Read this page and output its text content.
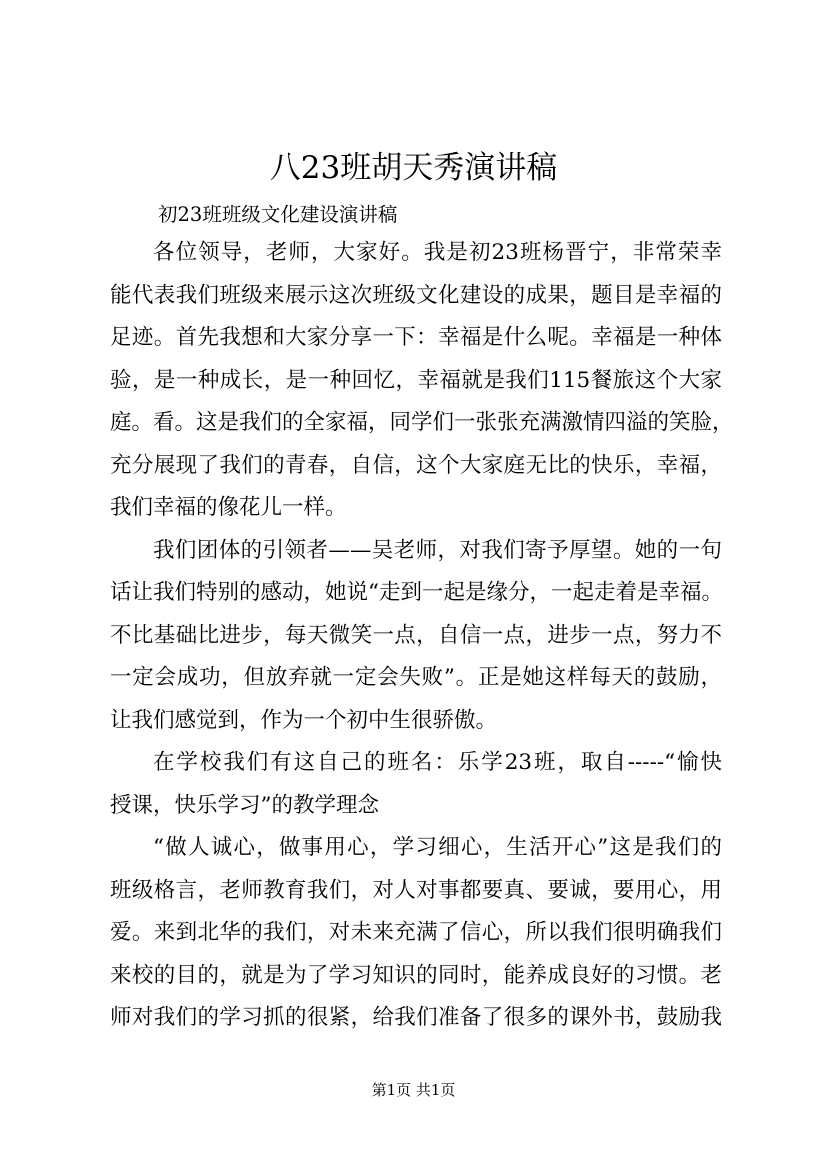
八23班胡天秀演讲稿

初23班班级文化建设演讲稿

各位领导，老师，大家好。我是初23班杨晋宁，非常荣幸
能代表我们班级来展示这次班级文化建设的成果，题目是幸福的
足迹。首先我想和大家分享一下：幸福是什么呢。幸福是一种体
验，是一种成长，是一种回忆，幸福就是我们115餐旅这个大家
庭。看。这是我们的全家福，同学们一张张充满激情四溢的笑脸，
充分展现了我们的青春，自信，这个大家庭无比的快乐，幸福，
我们幸福的像花儿一样。
我们团体的引领者——吴老师，对我们寄予厚望。她的一句
话让我们特别的感动，她说“走到一起是缘分，一起走着是幸福。
不比基础比进步，每天微笑一点，自信一点，进步一点，努力不
一定会成功，但放弃就一定会失败”。正是她这样每天的鼓励，
让我们感觉到，作为一个初中生很骄傲。
在学校我们有这自己的班名：乐学23班，取自-----“愉快
授课，快乐学习”的教学理念
“做人诚心，做事用心，学习细心，生活开心”这是我们的
班级格言，老师教育我们，对人对事都要真、要诚，要用心，用
爱。来到北华的我们，对未来充满了信心，所以我们很明确我们
来校的目的，就是为了学习知识的同时，能养成良好的习惯。老
师对我们的学习抓的很紧，给我们准备了很多的课外书，鼓励我
第1页 共1页
